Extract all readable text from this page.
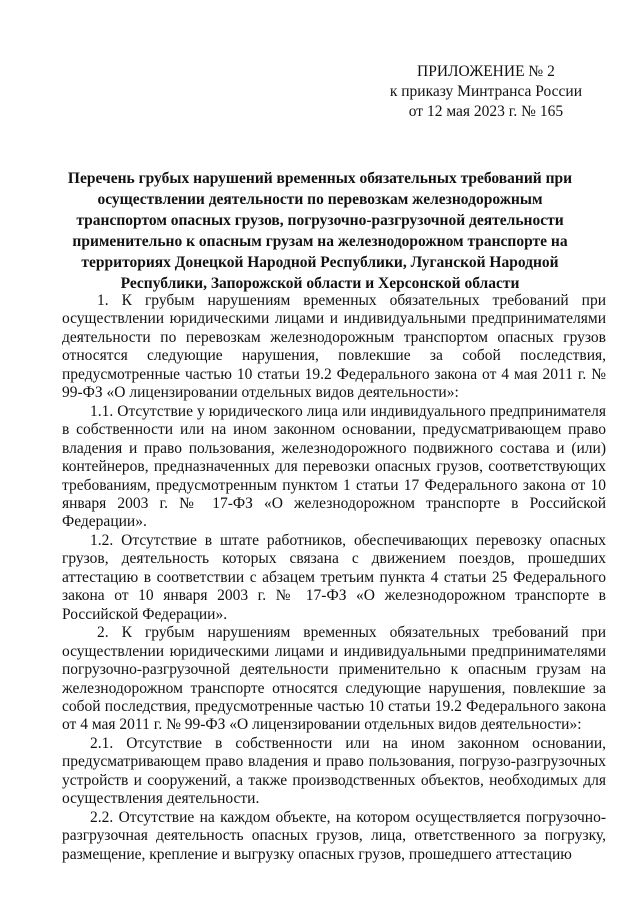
ПРИЛОЖЕНИЕ № 2
к приказу Минтранса России
от 12 мая 2023 г. № 165
Перечень грубых нарушений временных обязательных требований при осуществлении деятельности по перевозкам железнодорожным транспортом опасных грузов, погрузочно-разгрузочной деятельности применительно к опасным грузам на железнодорожном транспорте на территориях Донецкой Народной Республики, Луганской Народной Республики, Запорожской области и Херсонской области

1. К грубым нарушениям временных обязательных требований при осуществлении юридическими лицами и индивидуальными предпринимателями деятельности по перевозкам железнодорожным транспортом опасных грузов относятся следующие нарушения, повлекшие за собой последствия, предусмотренные частью 10 статьи 19.2 Федерального закона от 4 мая 2011 г. № 99-ФЗ «О лицензировании отдельных видов деятельности»:

1.1. Отсутствие у юридического лица или индивидуального предпринимателя в собственности или на ином законном основании, предусматривающем право владения и право пользования, железнодорожного подвижного состава и (или) контейнеров, предназначенных для перевозки опасных грузов, соответствующих требованиям, предусмотренным пунктом 1 статьи 17 Федерального закона от 10 января 2003 г. № 17-ФЗ «О железнодорожном транспорте в Российской Федерации».

1.2. Отсутствие в штате работников, обеспечивающих перевозку опасных грузов, деятельность которых связана с движением поездов, прошедших аттестацию в соответствии с абзацем третьим пункта 4 статьи 25 Федерального закона от 10 января 2003 г. № 17-ФЗ «О железнодорожном транспорте в Российской Федерации».

2. К грубым нарушениям временных обязательных требований при осуществлении юридическими лицами и индивидуальными предпринимателями погрузочно-разгрузочной деятельности применительно к опасным грузам на железнодорожном транспорте относятся следующие нарушения, повлекшие за собой последствия, предусмотренные частью 10 статьи 19.2 Федерального закона от 4 мая 2011 г. № 99-ФЗ «О лицензировании отдельных видов деятельности»:

2.1. Отсутствие в собственности или на ином законном основании, предусматривающем право владения и право пользования, погрузо-разгрузочных устройств и сооружений, а также производственных объектов, необходимых для осуществления деятельности.

2.2. Отсутствие на каждом объекте, на котором осуществляется погрузочно-разгрузочная деятельность опасных грузов, лица, ответственного за погрузку, размещение, крепление и выгрузку опасных грузов, прошедшего аттестацию
